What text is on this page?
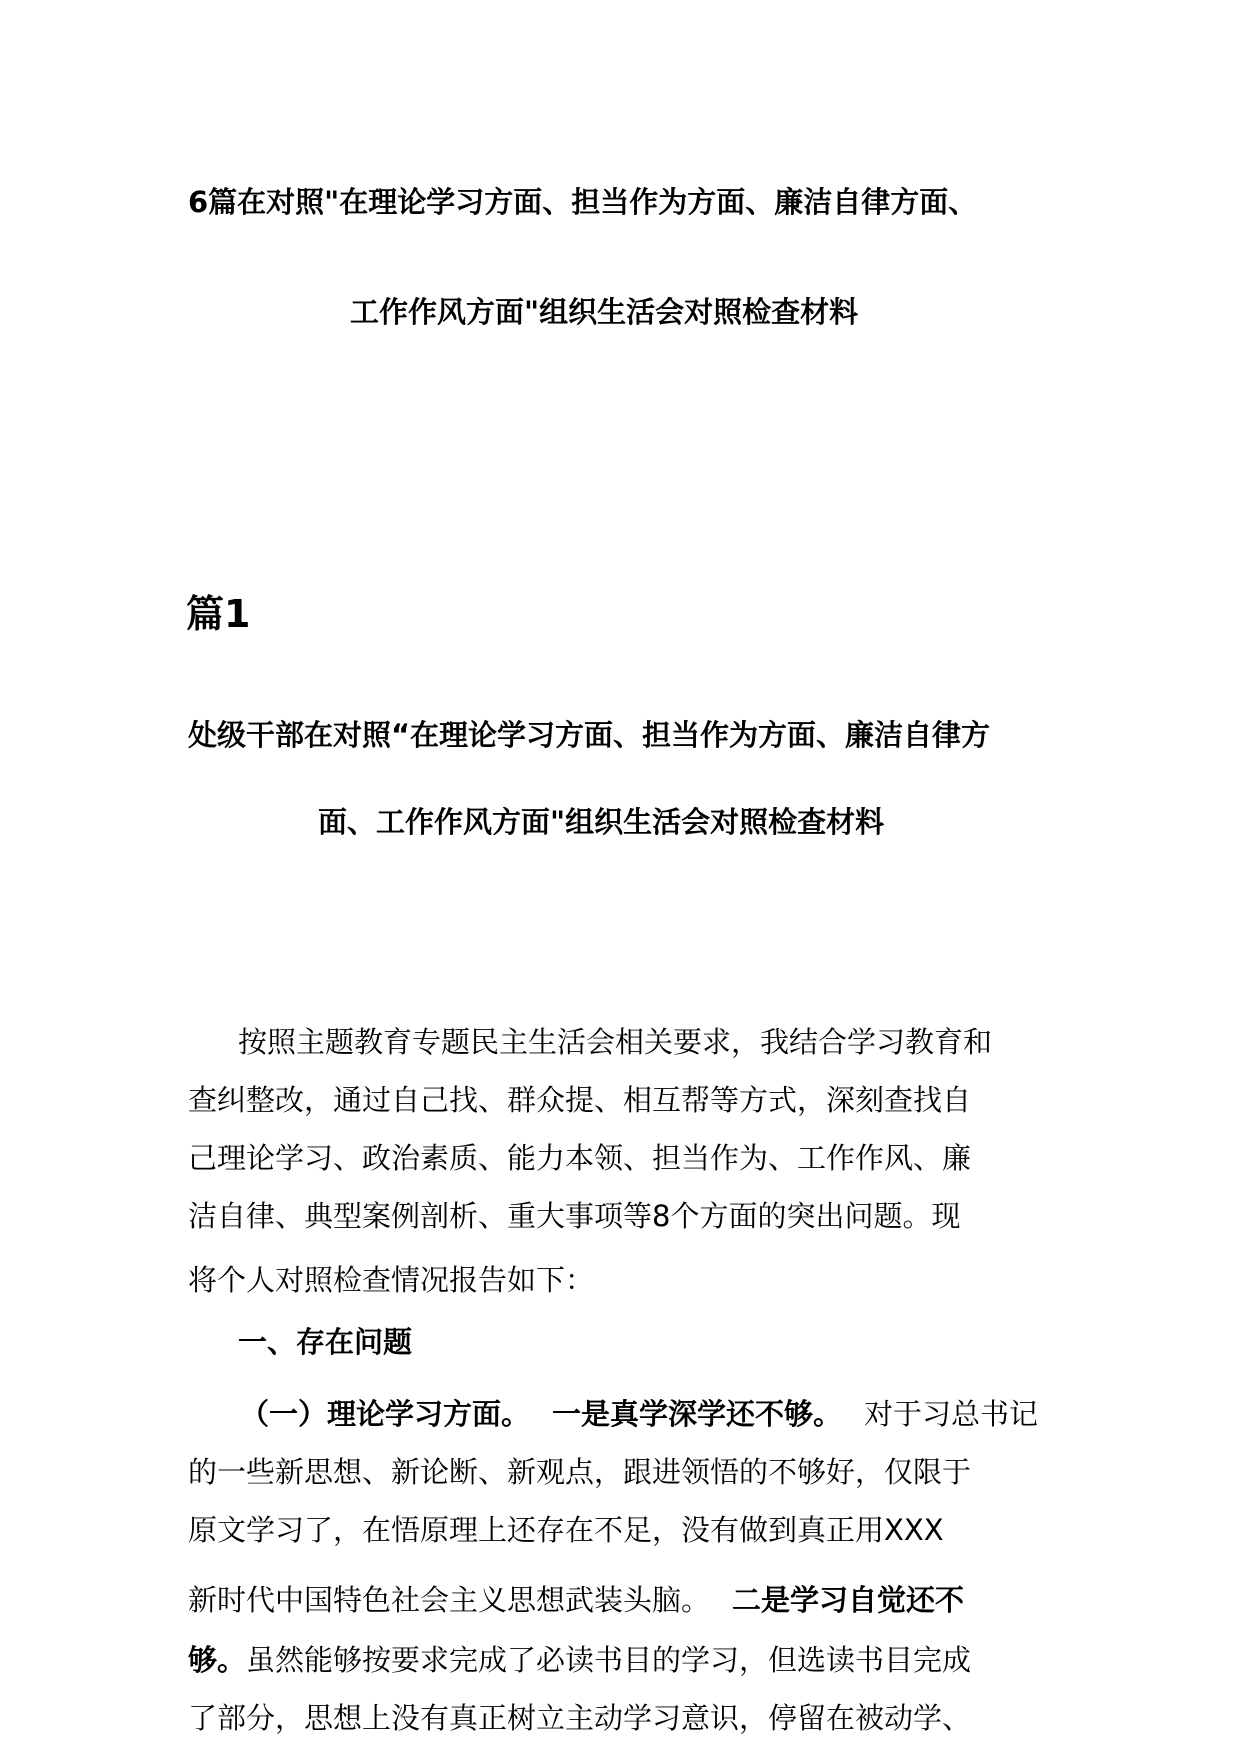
6篇在对照"在理论学习方面、担当作为方面、廉洁自律方面、

工作作风方面"组织生活会对照检查材料

篇1

处级干部在对照“在理论学习方面、担当作为方面、廉洁自律方

面、工作作风方面"组织生活会对照检查材料

按照主题教育专题民主生活会相关要求，我结合学习教育和

查纠整改，通过自己找、群众提、相互帮等方式，深刻查找自

己理论学习、政治素质、能力本领、担当作为、工作作风、廉

洁自律、典型案例剖析、重大事项等8个方面的突出问题。现

将个人对照检查情况报告如下：

一、存在问题

（一）理论学习方面。 一是真学深学还不够。 对于习总书记

的一些新思想、新论断、新观点，跟进领悟的不够好，仅限于

原文学习了，在悟原理上还存在不足，没有做到真正用XXX

新时代中国特色社会主义思想武装头脑。 二是学习自觉还不

够。虽然能够按要求完成了必读书目的学习，但选读书目完成

了部分，思想上没有真正树立主动学习意识，停留在被动学、
